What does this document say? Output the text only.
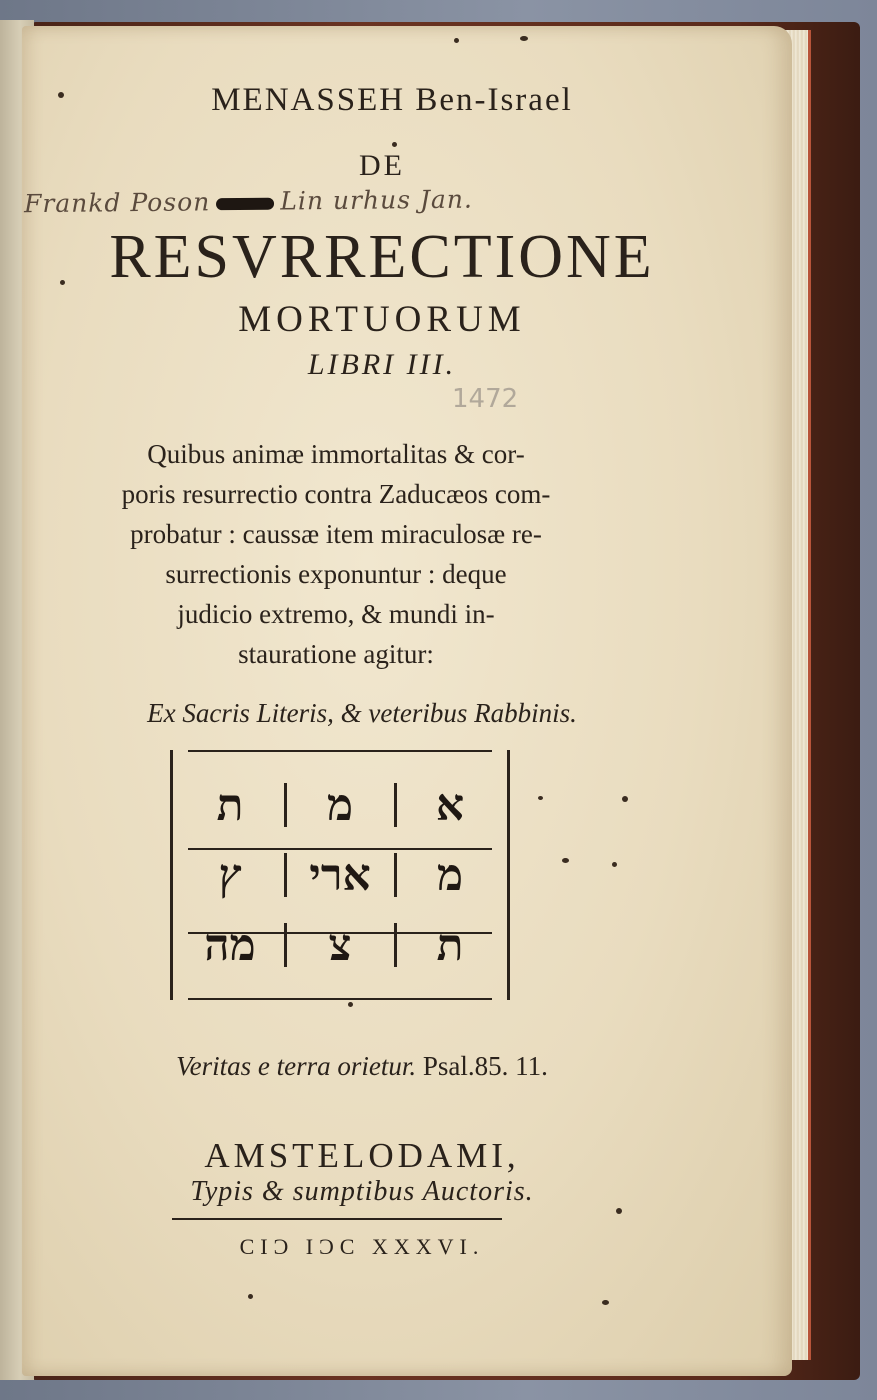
MENASSEH Ben-Israel
DE
Frankd Poson	Lin urhus Jan.
RESVRRECTIONE
MORTUORUM
LIBRI III.
1472
Quibus animæ immortalitas & cor-
poris resurrectio contra Zaducæos com-
probatur : caussæ item miraculosæ re-
surrectionis exponuntur : deque
judicio extremo, & mundi in-
stauratione agitur:
Ex Sacris Literis, & veteribus Rabbinis.
ת	מ	א
ץ	ארי	מ
מה	צ	ת
Veritas e terra orietur. Psal.85. 11.
AMSTELODAMI,
Typis & sumptibus Auctoris.
CIϽ IϽC XXXVI.
